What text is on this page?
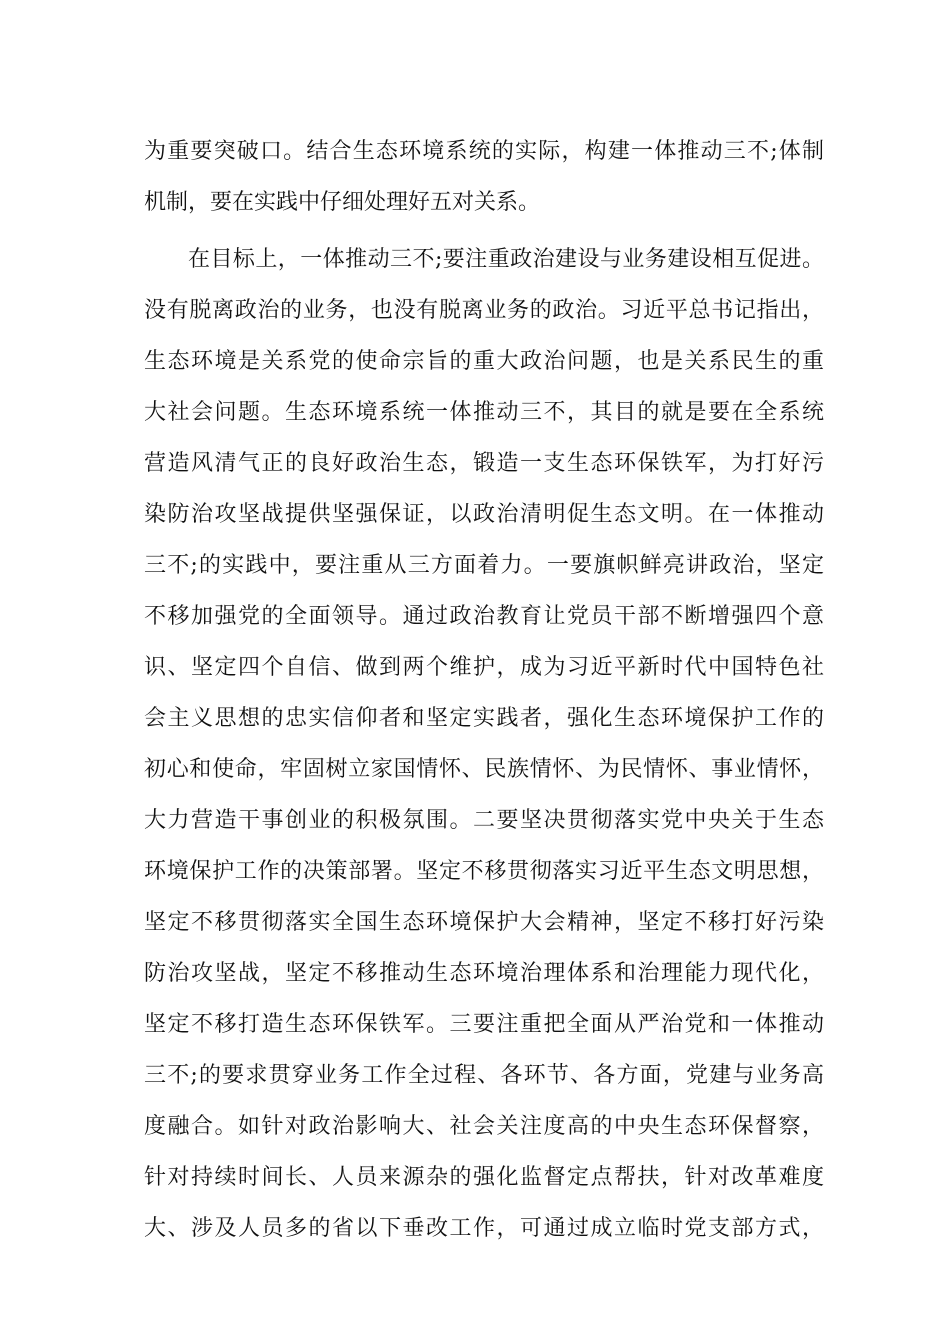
为重要突破口。结合生态环境系统的实际，构建一体推动三不;体制
机制，要在实践中仔细处理好五对关系。
在目标上，一体推动三不;要注重政治建设与业务建设相互促进。
没有脱离政治的业务，也没有脱离业务的政治。习近平总书记指出，
生态环境是关系党的使命宗旨的重大政治问题，也是关系民生的重
大社会问题。生态环境系统一体推动三不，其目的就是要在全系统
营造风清气正的良好政治生态，锻造一支生态环保铁军，为打好污
染防治攻坚战提供坚强保证，以政治清明促生态文明。在一体推动
三不;的实践中，要注重从三方面着力。一要旗帜鲜亮讲政治，坚定
不移加强党的全面领导。通过政治教育让党员干部不断增强四个意
识、坚定四个自信、做到两个维护，成为习近平新时代中国特色社
会主义思想的忠实信仰者和坚定实践者，强化生态环境保护工作的
初心和使命，牢固树立家国情怀、民族情怀、为民情怀、事业情怀，
大力营造干事创业的积极氛围。二要坚决贯彻落实党中央关于生态
环境保护工作的决策部署。坚定不移贯彻落实习近平生态文明思想，
坚定不移贯彻落实全国生态环境保护大会精神，坚定不移打好污染
防治攻坚战，坚定不移推动生态环境治理体系和治理能力现代化，
坚定不移打造生态环保铁军。三要注重把全面从严治党和一体推动
三不;的要求贯穿业务工作全过程、各环节、各方面，党建与业务高
度融合。如针对政治影响大、社会关注度高的中央生态环保督察，
针对持续时间长、人员来源杂的强化监督定点帮扶，针对改革难度
大、涉及人员多的省以下垂改工作，可通过成立临时党支部方式，
